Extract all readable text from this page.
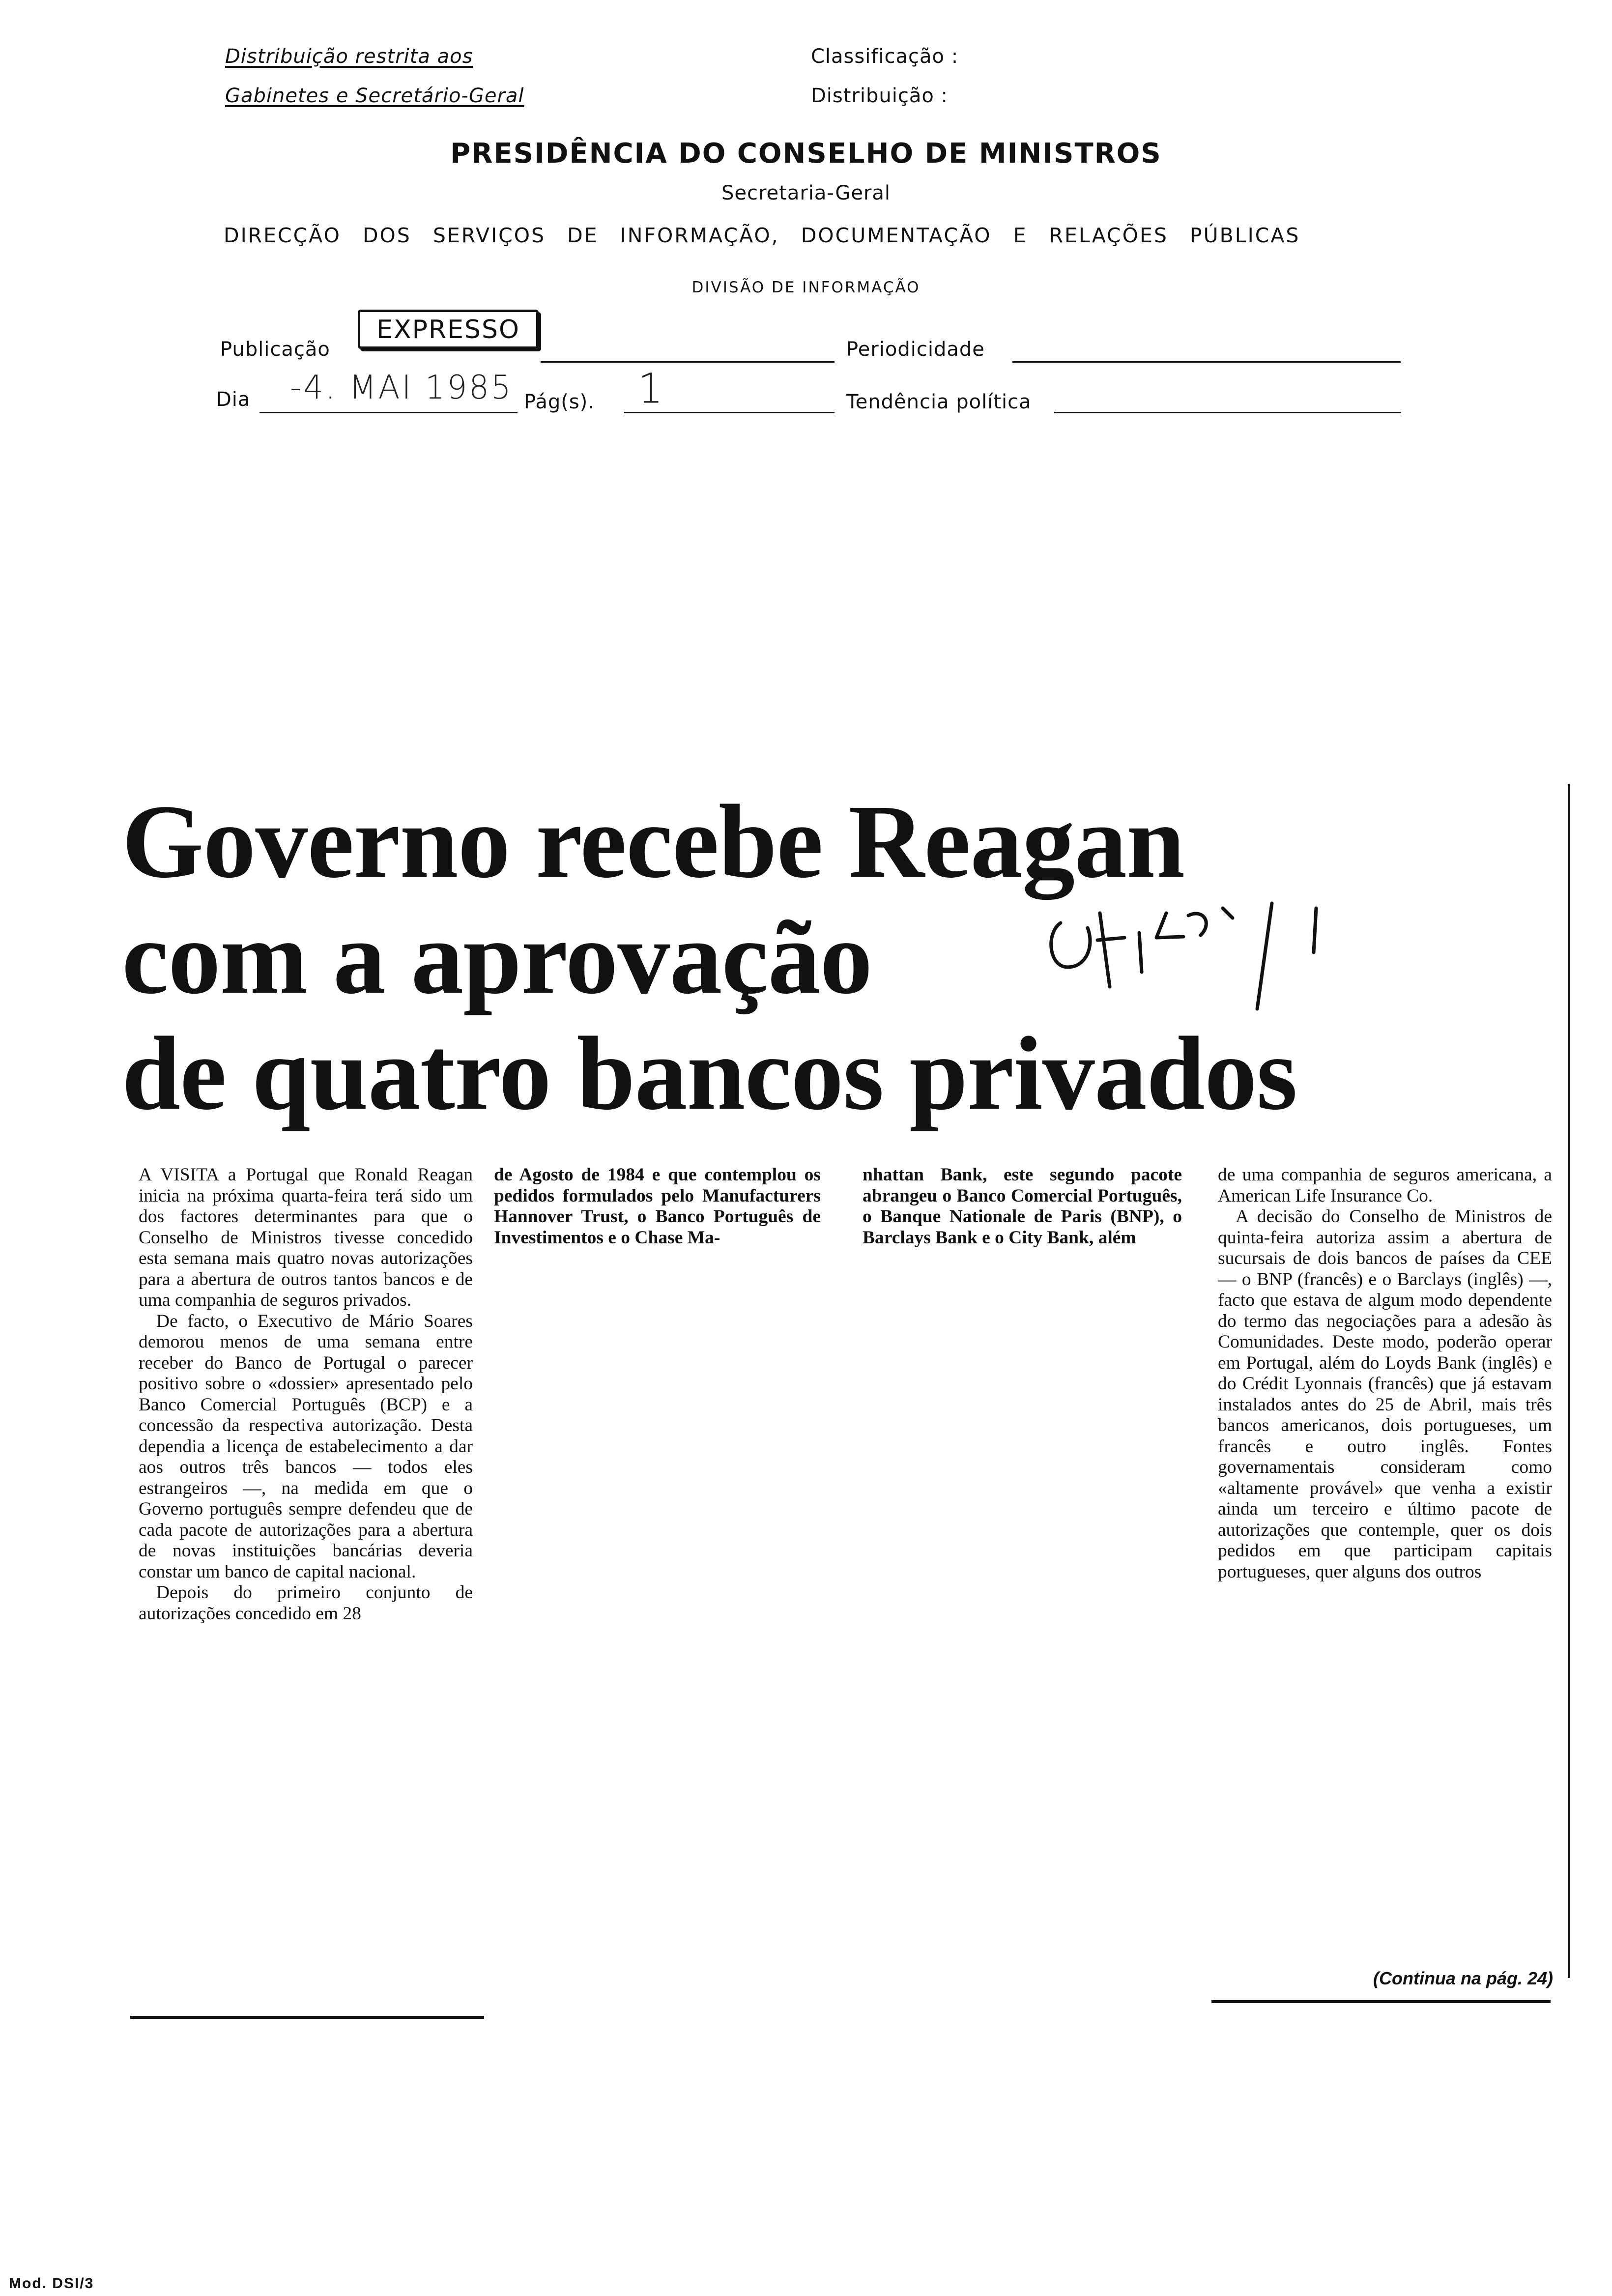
Distribuição restrita aos
Gabinetes e Secretário-Geral
Classificação :
Distribuição :
PRESIDÊNCIA DO CONSELHO DE MINISTROS
Secretaria-Geral
DIRECÇÃO DOS SERVIÇOS DE INFORMAÇÃO, DOCUMENTAÇÃO E RELAÇÕES PÚBLICAS
DIVISÃO DE INFORMAÇÃO
Publicação
EXPRESSO
Periodicidade
Dia -4. MAI 1985 Pág(s). 1	Tendência política
Governo recebe Reagan
com a aprovação
de quatro bancos privados

A VISITA a Portugal que Ronald Reagan inicia na próxima quarta-feira terá sido um dos factores determinantes para que o Conselho de Ministros tivesse concedido esta semana mais quatro novas autorizações para a abertura de outros tantos bancos e de uma companhia de seguros privados.

De facto, o Executivo de Mário Soares demorou menos de uma semana entre receber do Banco de Portugal o parecer positivo sobre o «dossier» apresentado pelo Banco Comercial Português (BCP) e a concessão da respectiva autorização. Desta dependia a licença de estabelecimento a dar aos outros três bancos — todos eles estrangeiros —, na medida em que o Governo português sempre defendeu que de cada pacote de autorizações para a abertura de novas instituições bancárias deveria constar um banco de capital nacional.

Depois do primeiro conjunto de autorizações concedido em 28

de Agosto de 1984 e que contemplou os pedidos formulados pelo Manufacturers Hannover Trust, o Banco Português de Investimentos e o Chase Ma-

nhattan Bank, este segundo pacote abrangeu o Banco Comercial Português, o Banque Nationale de Paris (BNP), o Barclays Bank e o City Bank, além

de uma companhia de seguros americana, a American Life Insurance Co.

A decisão do Conselho de Ministros de quinta-feira autoriza assim a abertura de sucursais de dois bancos de países da CEE — o BNP (francês) e o Barclays (inglês) —, facto que estava de algum modo dependente do termo das negociações para a adesão às Comunidades. Deste modo, poderão operar em Portugal, além do Loyds Bank (inglês) e do Crédit Lyonnais (francês) que já estavam instalados antes do 25 de Abril, mais três bancos americanos, dois portugueses, um francês e outro inglês. Fontes governamentais consideram como «altamente provável» que venha a existir ainda um terceiro e último pacote de autorizações que contemple, quer os dois pedidos em que participam capitais portugueses, quer alguns dos outros

(Continua na pág. 24)
Mod. DSI/3
